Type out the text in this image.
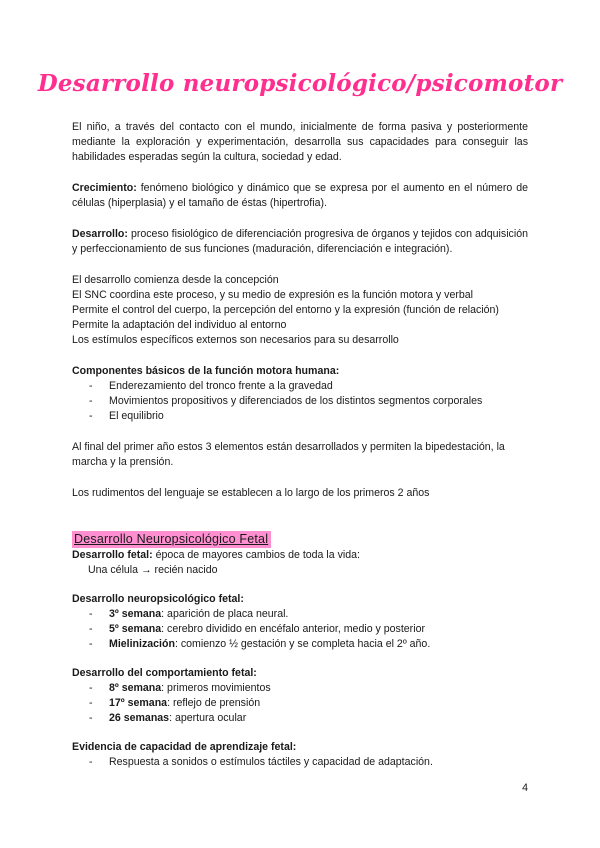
Desarrollo neuropsicológico/psicomotor

El niño, a través del contacto con el mundo, inicialmente de forma pasiva y posteriormente mediante la exploración y experimentación, desarrolla sus capacidades para conseguir las habilidades esperadas según la cultura, sociedad y edad.

Crecimiento: fenómeno biológico y dinámico que se expresa por el aumento en el número de células (hiperplasia) y el tamaño de éstas (hipertrofia).

Desarrollo: proceso fisiológico de diferenciación progresiva de órganos y tejidos con adquisición y perfeccionamiento de sus funciones (maduración, diferenciación e integración).

El desarrollo comienza desde la concepción

El SNC coordina este proceso, y su medio de expresión es la función motora y verbal

Permite el control del cuerpo, la percepción del entorno y la expresión (función de relación)

Permite la adaptación del individuo al entorno

Los estímulos específicos externos son necesarios para su desarrollo

Componentes básicos de la función motora humana:

- Enderezamiento del tronco frente a la gravedad
- Movimientos propositivos y diferenciados de los distintos segmentos corporales
- El equilibrio

Al final del primer año estos 3 elementos están desarrollados y permiten la bipedestación, la marcha y la prensión.

Los rudimentos del lenguaje se establecen a lo largo de los primeros 2 años

Desarrollo Neuropsicológico Fetal

Desarrollo fetal: época de mayores cambios de toda la vida:

Una célula → recién nacido

Desarrollo neuropsicológico fetal:

- 3º semana: aparición de placa neural.
- 5º semana: cerebro dividido en encéfalo anterior, medio y posterior
- Mielinización: comienzo ½ gestación y se completa hacia el 2º año.

Desarrollo del comportamiento fetal:

- 8º semana: primeros movimientos
- 17º semana: reflejo de prensión
- 26 semanas: apertura ocular

Evidencia de capacidad de aprendizaje fetal:

- Respuesta a sonidos o estímulos táctiles y capacidad de adaptación.
4
